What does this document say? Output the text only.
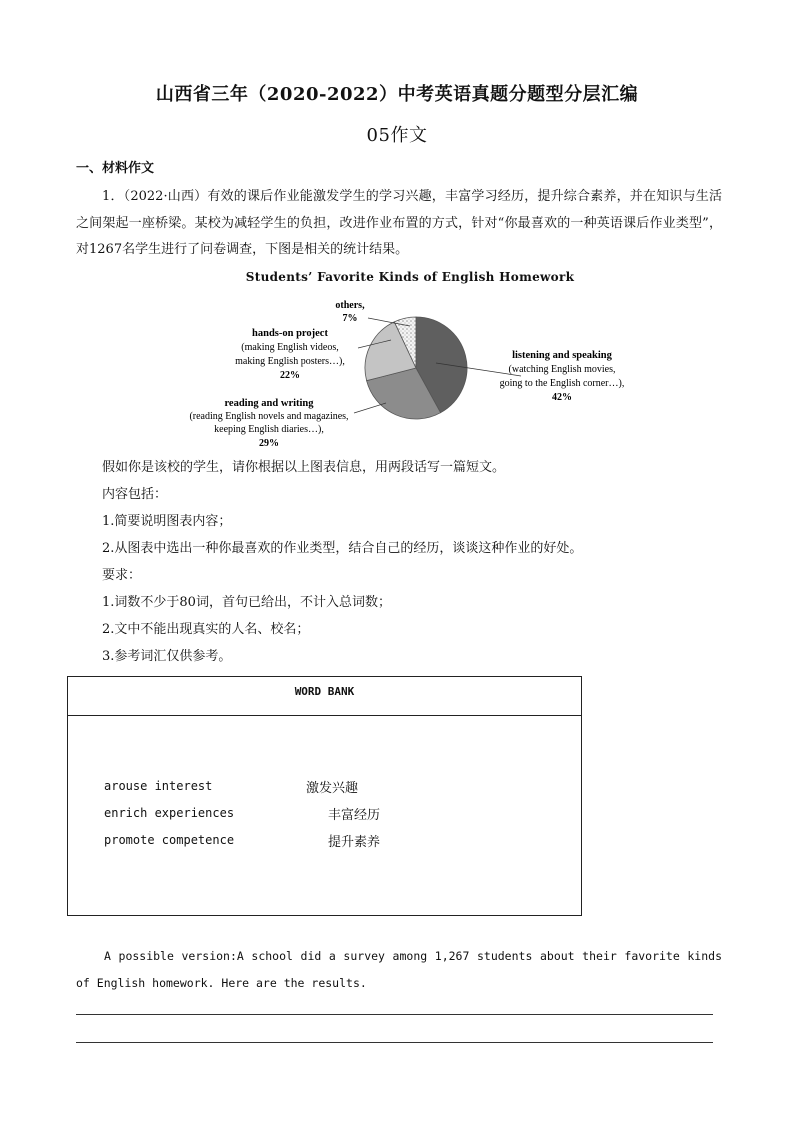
山西省三年（2020-2022）中考英语真题分题型分层汇编
05作文
一、材料作文
1．（2022·山西）有效的课后作业能激发学生的学习兴趣，丰富学习经历，提升综合素养，并在知识与生活之间架起一座桥梁。某校为减轻学生的负担，改进作业布置的方式，针对“你最喜欢的一种英语课后作业类型”，对1267名学生进行了问卷调查，下图是相关的统计结果。
Students’ Favorite Kinds of English Homework
others,
7%
hands-on project
(making English videos,
making English posters…),
22%
reading and writing
(reading English novels and magazines,
keeping English diaries…),
29%
listening and speaking
(watching English movies,
going to the English corner…),
42%
假如你是该校的学生，请你根据以上图表信息，用两段话写一篇短文。
内容包括：
1.简要说明图表内容；
2.从图表中选出一种你最喜欢的作业类型，结合自己的经历，谈谈这种作业的好处。
要求：
1.词数不少于80词，首句已给出，不计入总词数；
2.文中不能出现真实的人名、校名；
3.参考词汇仅供参考。
WORD BANK
arouse interest	激发兴趣
enrich experiences	丰富经历
promote competence	提升素养
A possible version:A school did a survey among 1,267 students about their favorite kinds of English homework. Here are the results.
